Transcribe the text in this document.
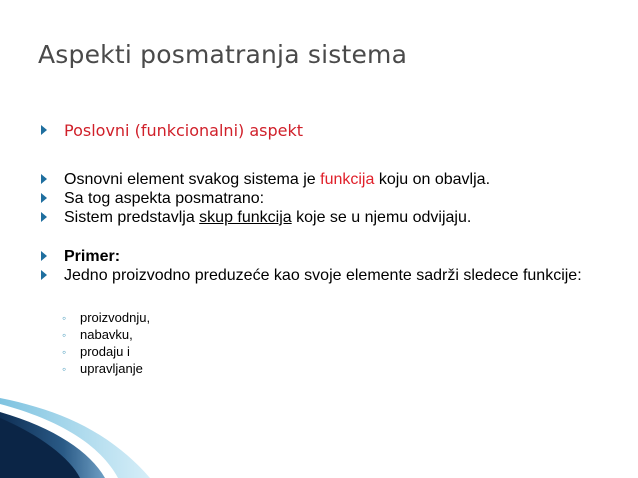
Aspekti posmatranja sistema
Poslovni (funkcionalni) aspekt
Osnovni element svakog sistema je funkcija koju on obavlja.
Sa tog aspekta posmatrano:
Sistem predstavlja skup funkcija koje se u njemu odvijaju.
Primer:
Jedno proizvodno preduzeće kao svoje elemente sadrži sledece funkcije:
◦ proizvodnju,
◦ nabavku,
◦ prodaju i
◦ upravljanje
